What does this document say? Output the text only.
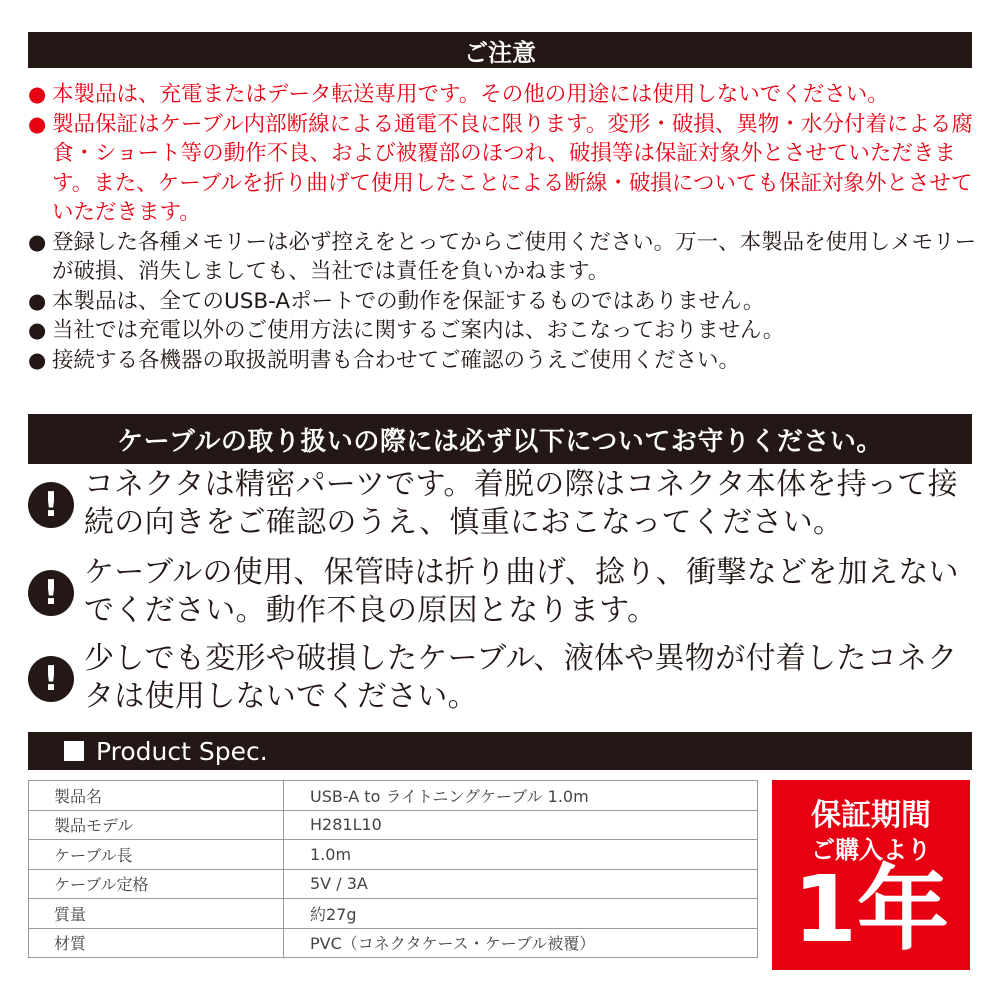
ご注意
● 本製品は、充電またはデータ転送専用です。その他の用途には使用しないでください。
● 製品保証はケーブル内部断線による通電不良に限ります。変形・破損、異物・水分付着による腐食・ショート等の動作不良、および被覆部のほつれ、破損等は保証対象外とさせていただきます。また、ケーブルを折り曲げて使用したことによる断線・破損についても保証対象外とさせていただきます。
● 登録した各種メモリーは必ず控えをとってからご使用ください。万一、本製品を使用しメモリーが破損、消失しましても、当社では責任を負いかねます。
● 本製品は、全てのUSB-Aポートでの動作を保証するものではありません。
● 当社では充電以外のご使用方法に関するご案内は、おこなっておりません。
● 接続する各機器の取扱説明書も合わせてご確認のうえご使用ください。
ケーブルの取り扱いの際には必ず以下についてお守りください。
!
コネクタは精密パーツです。着脱の際はコネクタ本体を持って接続の向きをご確認のうえ、慎重におこなってください。
!
ケーブルの使用、保管時は折り曲げ、捻り、衝撃などを加えないでください。動作不良の原因となります。
!
少しでも変形や破損したケーブル、液体や異物が付着したコネクタは使用しないでください。
Product Spec.
製品名	USB-A to ライトニングケーブル 1.0m
製品モデル	H281L10
ケーブル長	1.0m
ケーブル定格	5V / 3A
質量	約27g
材質	PVC（コネクタケース・ケーブル被覆）
保証期間
ご購入より
1年
